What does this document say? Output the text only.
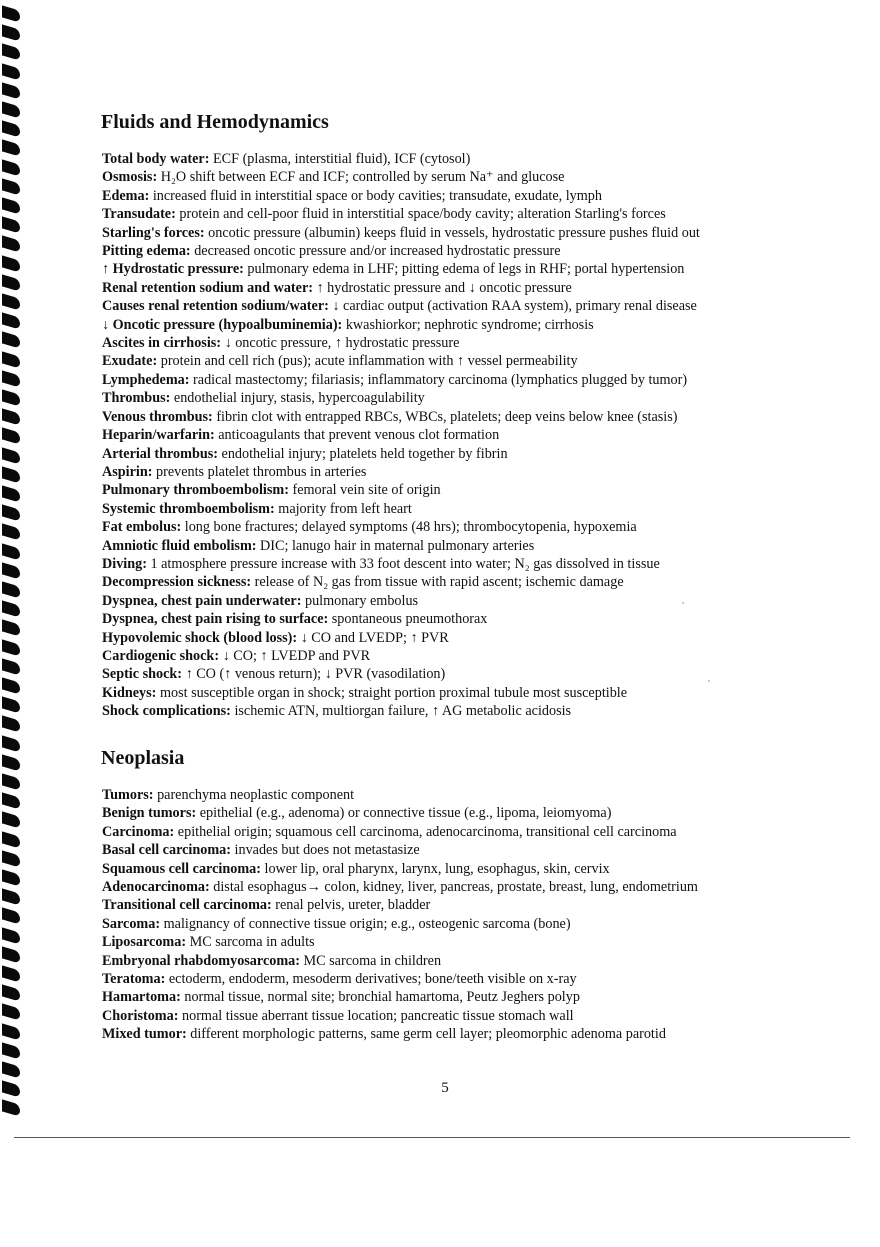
Fluids and Hemodynamics
Total body water: ECF (plasma, interstitial fluid), ICF (cytosol)
Osmosis: H₂O shift between ECF and ICF; controlled by serum Na⁺ and glucose
Edema: increased fluid in interstitial space or body cavities; transudate, exudate, lymph
Transudate: protein and cell-poor fluid in interstitial space/body cavity; alteration Starling's forces
Starling's forces: oncotic pressure (albumin) keeps fluid in vessels, hydrostatic pressure pushes fluid out
Pitting edema: decreased oncotic pressure and/or increased hydrostatic pressure
↑ Hydrostatic pressure: pulmonary edema in LHF; pitting edema of legs in RHF; portal hypertension
Renal retention sodium and water: ↑ hydrostatic pressure and ↓ oncotic pressure
Causes renal retention sodium/water: ↓ cardiac output (activation RAA system), primary renal disease
↓ Oncotic pressure (hypoalbuminemia): kwashiorkor; nephrotic syndrome; cirrhosis
Ascites in cirrhosis: ↓ oncotic pressure, ↑ hydrostatic pressure
Exudate: protein and cell rich (pus); acute inflammation with ↑ vessel permeability
Lymphedema: radical mastectomy; filariasis; inflammatory carcinoma (lymphatics plugged by tumor)
Thrombus: endothelial injury, stasis, hypercoagulability
Venous thrombus: fibrin clot with entrapped RBCs, WBCs, platelets; deep veins below knee (stasis)
Heparin/warfarin: anticoagulants that prevent venous clot formation
Arterial thrombus: endothelial injury; platelets held together by fibrin
Aspirin: prevents platelet thrombus in arteries
Pulmonary thromboembolism: femoral vein site of origin
Systemic thromboembolism: majority from left heart
Fat embolus: long bone fractures; delayed symptoms (48 hrs); thrombocytopenia, hypoxemia
Amniotic fluid embolism: DIC; lanugo hair in maternal pulmonary arteries
Diving: 1 atmosphere pressure increase with 33 foot descent into water; N₂ gas dissolved in tissue
Decompression sickness: release of N₂ gas from tissue with rapid ascent; ischemic damage
Dyspnea, chest pain underwater: pulmonary embolus
Dyspnea, chest pain rising to surface: spontaneous pneumothorax
Hypovolemic shock (blood loss): ↓ CO and LVEDP; ↑ PVR
Cardiogenic shock: ↓ CO; ↑ LVEDP and PVR
Septic shock: ↑ CO (↑ venous return); ↓ PVR (vasodilation)
Kidneys: most susceptible organ in shock; straight portion proximal tubule most susceptible
Shock complications: ischemic ATN, multiorgan failure, ↑ AG metabolic acidosis
Neoplasia
Tumors: parenchyma neoplastic component
Benign tumors: epithelial (e.g., adenoma) or connective tissue (e.g., lipoma, leiomyoma)
Carcinoma: epithelial origin; squamous cell carcinoma, adenocarcinoma, transitional cell carcinoma
Basal cell carcinoma: invades but does not metastasize
Squamous cell carcinoma: lower lip, oral pharynx, larynx, lung, esophagus, skin, cervix
Adenocarcinoma: distal esophagus→ colon, kidney, liver, pancreas, prostate, breast, lung, endometrium
Transitional cell carcinoma: renal pelvis, ureter, bladder
Sarcoma: malignancy of connective tissue origin; e.g., osteogenic sarcoma (bone)
Liposarcoma: MC sarcoma in adults
Embryonal rhabdomyosarcoma: MC sarcoma in children
Teratoma: ectoderm, endoderm, mesoderm derivatives; bone/teeth visible on x-ray
Hamartoma: normal tissue, normal site; bronchial hamartoma, Peutz Jeghers polyp
Choristoma: normal tissue aberrant tissue location; pancreatic tissue stomach wall
Mixed tumor: different morphologic patterns, same germ cell layer; pleomorphic adenoma parotid
5
